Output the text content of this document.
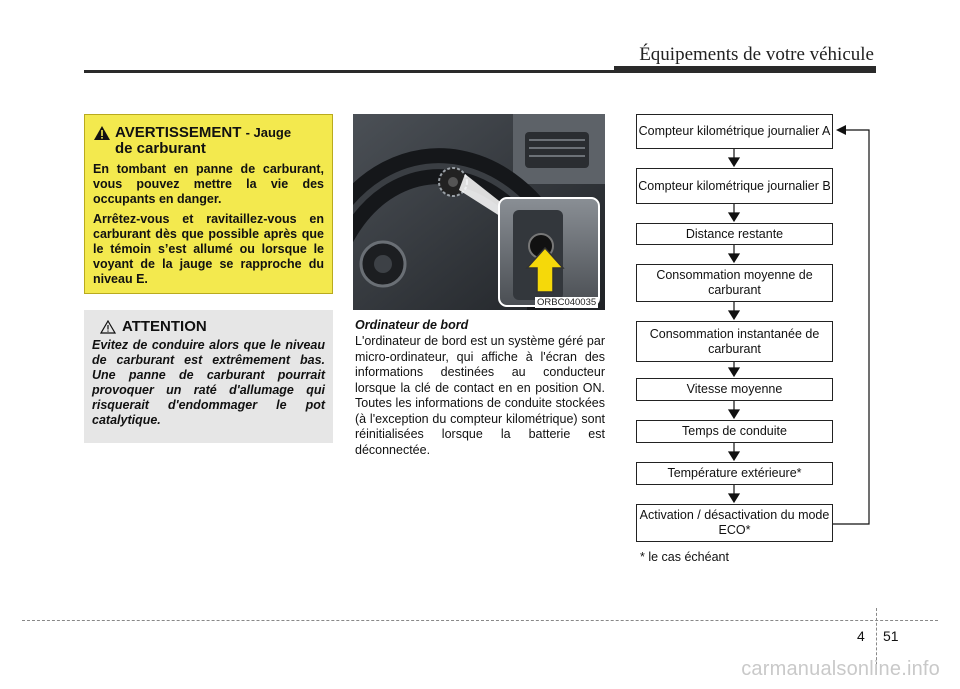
Équipements de votre véhicule
AVERTISSEMENT - Jauge
de carburant

En tombant en panne de carburant, vous pouvez mettre la vie des occupants en danger.

Arrêtez-vous et ravitaillez-vous en carburant dès que possible après que le témoin s’est allumé ou lorsque le voyant de la jauge se rapproche du niveau E.

ATTENTION

Evitez de conduire alors que le niveau de carburant est extrêmement bas. Une panne de carburant pourrait provoquer un raté d'allumage qui risquerait d'endommager le pot catalytique.

ORBC040035
Ordinateur de bord

L'ordinateur de bord est un système géré par micro-ordinateur, qui affiche à l'écran des informations destinées au conducteur lorsque la clé de contact en en position ON. Toutes les informations de conduite stockées (à l'exception du compteur kilométrique) sont réinitialisées lorsque la batterie est déconnectée.

Compteur kilométrique journalier A
Compteur kilométrique journalier B
Distance restante
Consommation moyenne de carburant
Consommation instantanée de carburant
Vitesse moyenne
Temps de conduite
Température extérieure*
Activation / désactivation du mode ECO*
* le cas échéant
4 51
carmanualsonline.info
